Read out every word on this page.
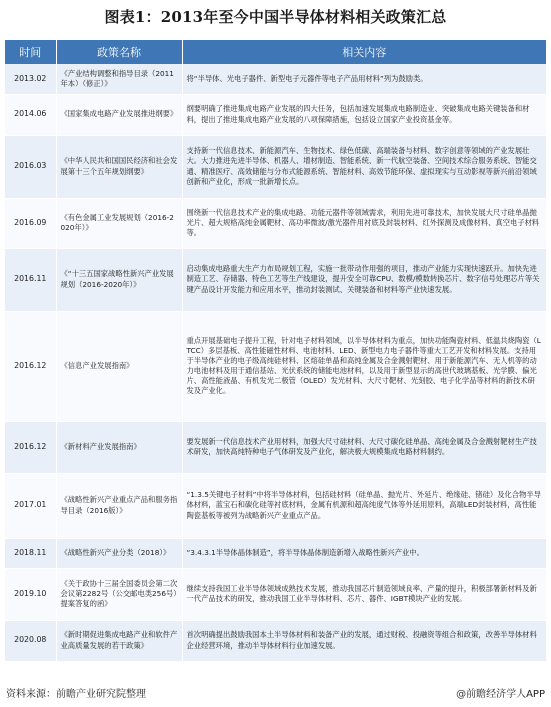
图表1：2013年至今中国半导体材料相关政策汇总
时间	政策名称	相关内容
2013.02	《产业结构调整和指导目录（2011年本）（修正）》	将“半导体、光电子器件、新型电子元器件等电子产品用材料”列为鼓励类。
2014.06	《国家集成电路产业发展推进纲要》	纲要明确了推进集成电路产业发展的四大任务，包括加速发展集成电路制造业、突破集成电路关键装备和材料，提出了推进集成电路产业发展的八项保障措施，包括设立国家产业投资基金等。
2016.03	《中华人民共和国国民经济和社会发展第十三个五年规划纲要》	支持新一代信息技术、新能源汽车、生物技术、绿色低碳、高端装备与材料、数字创意等领域的产业发展壮大。大力推进先进半导体、机器人、增材制造、智能系统、新一代航空装备、空间技术综合服务系统、智能交通、精准医疗、高效储能与分布式能源系统、智能材料、高效节能环保、虚拟现实与互动影视等新兴前沿领域创新和产业化，形成一批新增长点。
2016.09	《有色金属工业发展规划（2016-2020年）》	围绕新一代信息技术产业的集成电路、功能元器件等领域需求，利用先进可靠技术，加快发展大尺寸硅单晶抛光片、超大规格高纯金属靶材、高功率微波/激光器件用衬底及封装材料、红外探测及成像材料、真空电子材料等。
2016.11	《“十三五国家战略性新兴产业发展规划（2016-2020年）》	启动集成电路重大生产力布局规划工程，实施一批带动作用强的项目，推动产业能力实现快速跃升。加快先进制造工艺、存储器、特色工艺等生产线建设，提升安全可靠CPU、数模/模数转换芯片、数字信号处理芯片等关键产品设计开发能力和应用水平，推动封装测试、关键装备和材料等产业快速发展。
2016.12	《信息产业发展指南》	重点开展基础电子提升工程，针对电子材料领域，以半导体材料为重点，加快功能陶瓷材料、低温共烧陶瓷（LTCC）多层基板、高性能磁性材料、电池材料、LED、新型电力电子器件等重大工艺开发和材料发展。支持用于半导体产业的电子级高纯硅材料、区熔硅单晶和高纯金属及合金溅射靶材、用于新能源汽车、无人机等的动力电池材料及用于通信基站、光伏系统的储能电池材料，以及用于新型显示的高世代玻璃基板、光学膜、偏光片、高性能液晶、有机发光二极管（OLED）发光材料、大尺寸靶材、光刻胶、电子化学品等材料的新技术研发及产业化。
2016.12	《新材料产业发展指南》	要发展新一代信息技术产业用材料，加强大尺寸硅材料、大尺寸碳化硅单晶、高纯金属及合金溅射靶材生产技术研发，加快高纯特种电子气体研发及产业化，解决极大规模集成电路材料制约。
2017.01	《战略性新兴产业重点产品和服务指导目录（2016版）》	“1.3.5关键电子材料”中将半导体材料，包括硅材料（硅单晶、抛光片、外延片、绝缘硅、锗硅）及化合物半导体材料，蓝宝石和碳化硅等衬底材料，金属有机源和超高纯度气体等外延用原料，高端LED封装材料，高性能陶瓷基板等被列为战略新兴产业重点产品。
2018.11	《战略性新兴产业分类（2018）》	“3.4.3.1半导体晶体制造”，将半导体晶体制造新增入战略性新兴产业中。
2019.10	《关于政协十三届全国委员会第二次会议第2282号（公交邮电类256号）提案答复的函》	继续支持我国工业半导体领域成熟技术发展，推动我国芯片制造领域良率、产量的提升，积极部署新材料及新一代产品技术的研发，推动我国工业半导体材料、芯片、器件、IGBT模块产业的发展。
2020.08	《新时期促进集成电路产业和软件产业高质量发展的若干政策》	首次明确提出鼓励我国本土半导体材料和装备产业的发展，通过财税、投融资等组合和政策，改善半导体材料企业经营环境，推动半导体材料行业加速发展。
资料来源：前瞻产业研究院整理	@前瞻经济学人APP
